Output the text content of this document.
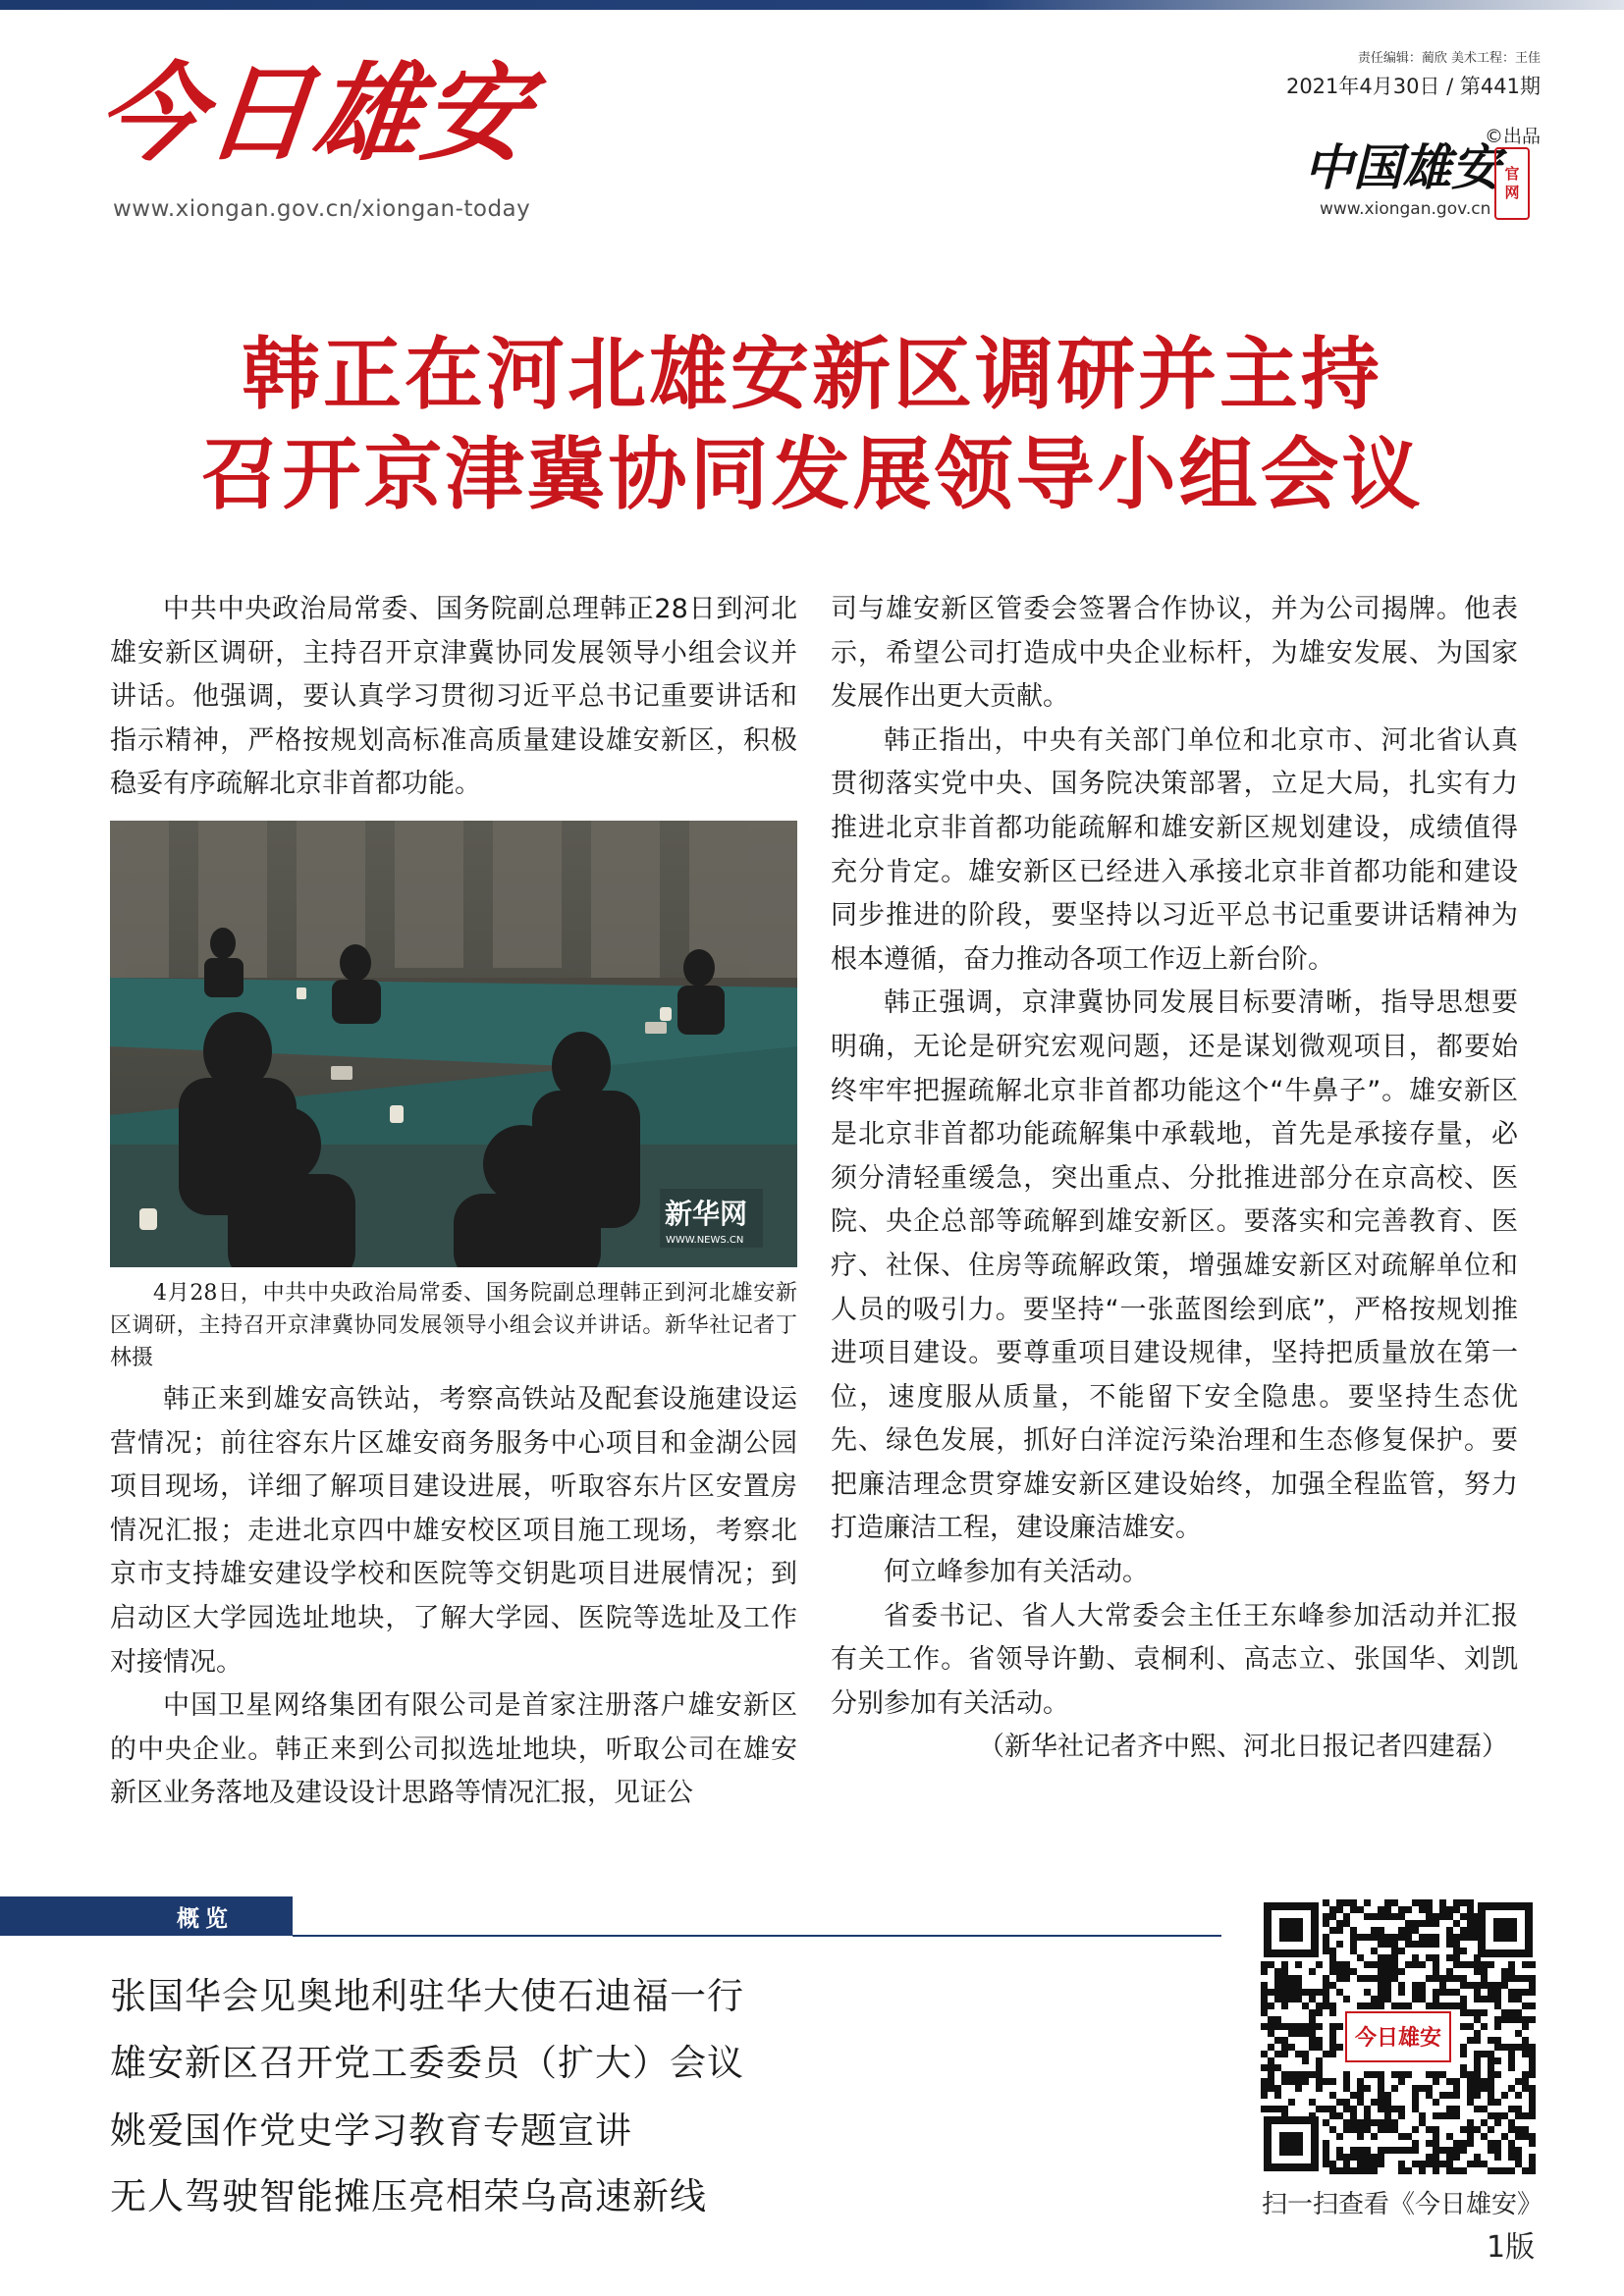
今日雄安
www.xiongan.gov.cn/xiongan-today
责任编辑：蔺欣 美术工程：王佳
2021年4月30日 / 第441期
©出品
中国雄安 官
网
www.xiongan.gov.cn
韩正在河北雄安新区调研并主持
召开京津冀协同发展领导小组会议

中共中央政治局常委、国务院副总理韩正28日到河北雄安新区调研，主持召开京津冀协同发展领导小组会议并讲话。他强调，要认真学习贯彻习近平总书记重要讲话和指示精神，严格按规划高标准高质量建设雄安新区，积极稳妥有序疏解北京非首都功能。

新华网
WWW.NEWS.CN

4月28日，中共中央政治局常委、国务院副总理韩正到河北雄安新区调研，主持召开京津冀协同发展领导小组会议并讲话。新华社记者丁林摄

韩正来到雄安高铁站，考察高铁站及配套设施建设运营情况；前往容东片区雄安商务服务中心项目和金湖公园项目现场，详细了解项目建设进展，听取容东片区安置房情况汇报；走进北京四中雄安校区项目施工现场，考察北京市支持雄安建设学校和医院等交钥匙项目进展情况；到启动区大学园选址地块，了解大学园、医院等选址及工作对接情况。

中国卫星网络集团有限公司是首家注册落户雄安新区的中央企业。韩正来到公司拟选址地块，听取公司在雄安新区业务落地及建设设计思路等情况汇报，见证公

司与雄安新区管委会签署合作协议，并为公司揭牌。他表示，希望公司打造成中央企业标杆，为雄安发展、为国家发展作出更大贡献。

韩正指出，中央有关部门单位和北京市、河北省认真贯彻落实党中央、国务院决策部署，立足大局，扎实有力推进北京非首都功能疏解和雄安新区规划建设，成绩值得充分肯定。雄安新区已经进入承接北京非首都功能和建设同步推进的阶段，要坚持以习近平总书记重要讲话精神为根本遵循，奋力推动各项工作迈上新台阶。

韩正强调，京津冀协同发展目标要清晰，指导思想要明确，无论是研究宏观问题，还是谋划微观项目，都要始终牢牢把握疏解北京非首都功能这个“牛鼻子”。雄安新区是北京非首都功能疏解集中承载地，首先是承接存量，必须分清轻重缓急，突出重点、分批推进部分在京高校、医院、央企总部等疏解到雄安新区。要落实和完善教育、医疗、社保、住房等疏解政策，增强雄安新区对疏解单位和人员的吸引力。要坚持“一张蓝图绘到底”，严格按规划推进项目建设。要尊重项目建设规律，坚持把质量放在第一位，速度服从质量，不能留下安全隐患。要坚持生态优先、绿色发展，抓好白洋淀污染治理和生态修复保护。要把廉洁理念贯穿雄安新区建设始终，加强全程监管，努力打造廉洁工程，建设廉洁雄安。

何立峰参加有关活动。

省委书记、省人大常委会主任王东峰参加活动并汇报有关工作。省领导许勤、袁桐利、高志立、张国华、刘凯分别参加有关活动。

（新华社记者齐中熙、河北日报记者四建磊）

概览
张国华会见奥地利驻华大使石迪福一行
雄安新区召开党工委委员（扩大）会议
姚爱国作党史学习教育专题宣讲
无人驾驶智能摊压亮相荣乌高速新线
今日雄安
扫一扫查看《今日雄安》
1版
